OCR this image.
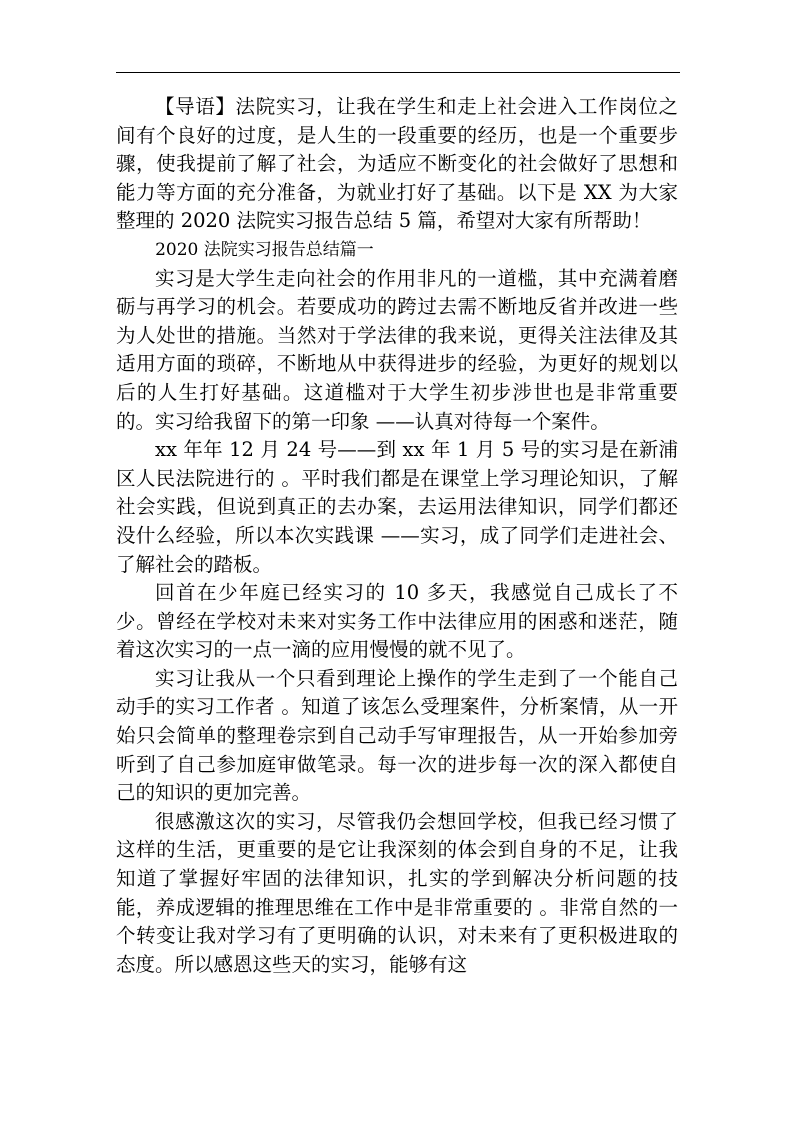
【导语】法院实习，让我在学生和走上社会进入工作岗位之间有个良好的过度，是人生的一段重要的经历，也是一个重要步骤，使我提前了解了社会，为适应不断变化的社会做好了思想和能力等方面的充分准备，为就业打好了基础。以下是 XX 为大家整理的 2020 法院实习报告总结 5 篇，希望对大家有所帮助！

2020 法院实习报告总结篇一

实习是大学生走向社会的作用非凡的一道槛，其中充满着磨砺与再学习的机会。若要成功的跨过去需不断地反省并改进一些为人处世的措施。当然对于学法律的我来说，更得关注法律及其适用方面的琐碎，不断地从中获得进步的经验，为更好的规划以后的人生打好基础。这道槛对于大学生初步涉世也是非常重要的。实习给我留下的第一印象 ——认真对待每一个案件。

xx 年年 12 月 24 号——到 xx 年 1 月 5 号的实习是在新浦区人民法院进行的 。平时我们都是在课堂上学习理论知识，了解社会实践，但说到真正的去办案，去运用法律知识，同学们都还没什么经验，所以本次实践课 ——实习，成了同学们走进社会、了解社会的踏板。

回首在少年庭已经实习的 10 多天，我感觉自己成长了不少。曾经在学校对未来对实务工作中法律应用的困惑和迷茫，随着这次实习的一点一滴的应用慢慢的就不见了。

实习让我从一个只看到理论上操作的学生走到了一个能自己动手的实习工作者 。知道了该怎么受理案件，分析案情，从一开始只会简单的整理卷宗到自己动手写审理报告，从一开始参加旁听到了自己参加庭审做笔录。每一次的进步每一次的深入都使自己的知识的更加完善。

很感激这次的实习，尽管我仍会想回学校，但我已经习惯了这样的生活，更重要的是它让我深刻的体会到自身的不足，让我知道了掌握好牢固的法律知识，扎实的学到解决分析问题的技能，养成逻辑的推理思维在工作中是非常重要的 。非常自然的一个转变让我对学习有了更明确的认识，对未来有了更积极进取的态度。所以感恩这些天的实习，能够有这
